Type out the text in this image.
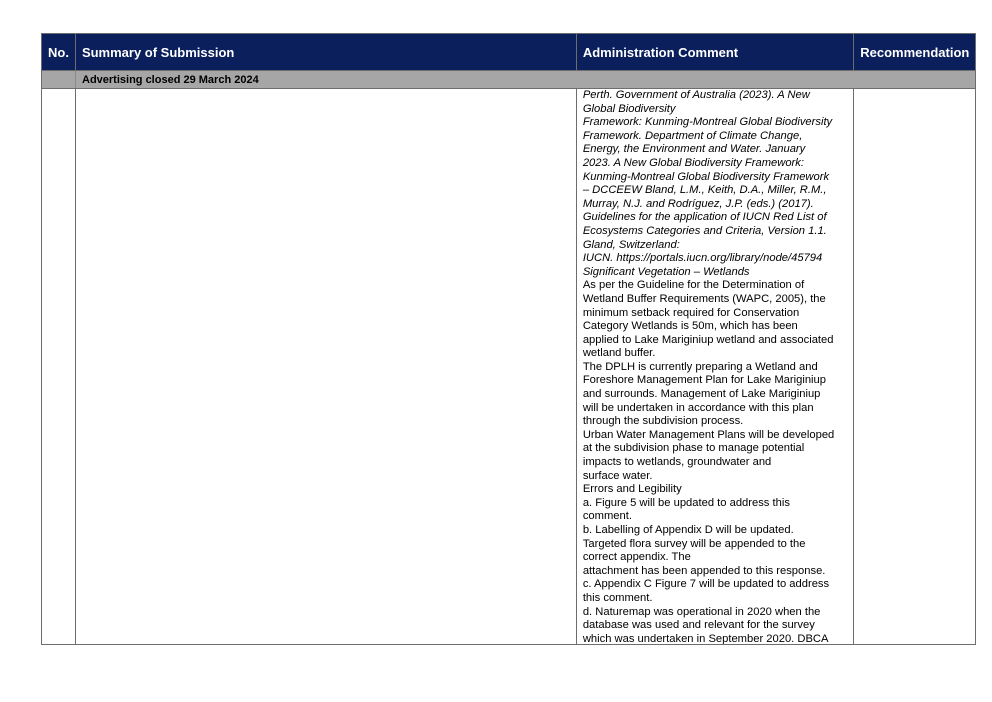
No. Summary of Submission	Administration Comment	Recommendation
Advertising closed 29 March 2024
Perth. Government of Australia (2023). A New
Global Biodiversity
Framework: Kunming-Montreal Global Biodiversity
Framework. Department of Climate Change,
Energy, the Environment and Water. January
2023. A New Global Biodiversity Framework:
Kunming-Montreal Global Biodiversity Framework
– DCCEEW Bland, L.M., Keith, D.A., Miller, R.M.,
Murray, N.J. and Rodríguez, J.P. (eds.) (2017).
Guidelines for the application of IUCN Red List of
Ecosystems Categories and Criteria, Version 1.1.
Gland, Switzerland:
IUCN. https://portals.iucn.org/library/node/45794
Significant Vegetation – Wetlands
As per the Guideline for the Determination of
Wetland Buffer Requirements (WAPC, 2005), the
minimum setback required for Conservation
Category Wetlands is 50m, which has been
applied to Lake Mariginiup wetland and associated
wetland buffer.
The DPLH is currently preparing a Wetland and
Foreshore Management Plan for Lake Mariginiup
and surrounds. Management of Lake Mariginiup
will be undertaken in accordance with this plan
through the subdivision process.
Urban Water Management Plans will be developed
at the subdivision phase to manage potential
impacts to wetlands, groundwater and
surface water.
Errors and Legibility
a. Figure 5 will be updated to address this
comment.
b. Labelling of Appendix D will be updated.
Targeted flora survey will be appended to the
correct appendix. The
attachment has been appended to this response.
c. Appendix C Figure 7 will be updated to address
this comment.
d. Naturemap was operational in 2020 when the
database was used and relevant for the survey
which was undertaken in September 2020. DBCA
